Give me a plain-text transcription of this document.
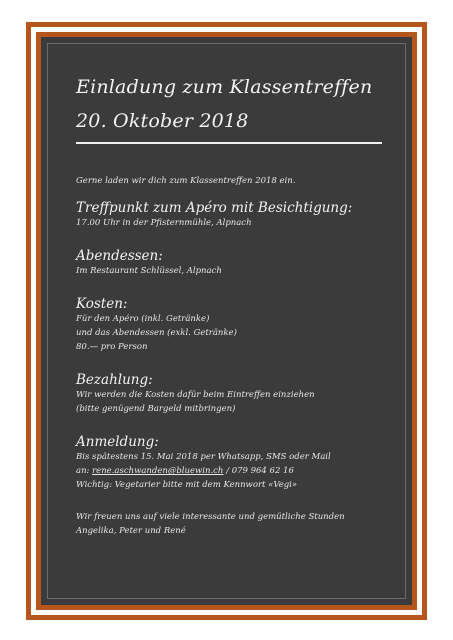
Einladung zum Klassentreffen
20. Oktober 2018
Gerne laden wir dich zum Klassentreffen 2018 ein.
Treffpunkt zum Apéro mit Besichtigung:
17.00 Uhr in der Pfisternmühle, Alpnach
Abendessen:
Im Restaurant Schlüssel, Alpnach
Kosten:
Für den Apéro (inkl. Getränke)
und das Abendessen (exkl. Getränke)
80.— pro Person
Bezahlung:
Wir werden die Kosten dafür beim Eintreffen einziehen
(bitte genügend Bargeld mitbringen)
Anmeldung:
Bis spätestens 15. Mai 2018 per Whatsapp, SMS oder Mail
an: rene.aschwanden@bluewin.ch / 079 964 62 16
Wichtig: Vegetarier bitte mit dem Kennwort «Vegi»
Wir freuen uns auf viele interessante und gemütliche Stunden
Angelika, Peter und René
